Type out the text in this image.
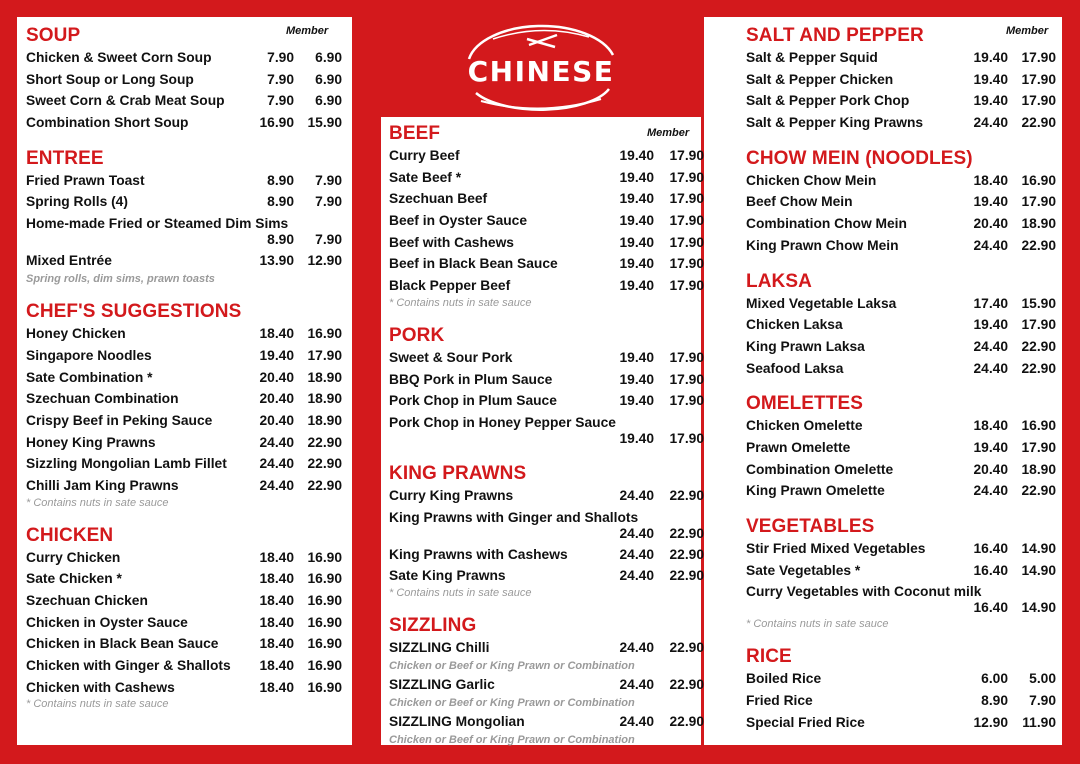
SOUP	Member
Chicken & Sweet Corn Soup	7.90	6.90
Short Soup or Long Soup	7.90	6.90
Sweet Corn & Crab Meat Soup	7.90	6.90
Combination Short Soup	16.90 15.90
ENTREE
Fried Prawn Toast	8.90	7.90
Spring Rolls (4)	8.90	7.90
Home-made Fried or Steamed Dim Sims
8.90	7.90
Mixed Entrée	13.90 12.90
Spring rolls, dim sims, prawn toasts
CHEF'S SUGGESTIONS
Honey Chicken	18.40 16.90
Singapore Noodles	19.40 17.90
Sate Combination *	20.40 18.90
Szechuan Combination	20.40 18.90
Crispy Beef in Peking Sauce	20.40 18.90
Honey King Prawns	24.40 22.90
Sizzling Mongolian Lamb Fillet	24.40 22.90
Chilli Jam King Prawns	24.40 22.90
* Contains nuts in sate sauce
CHICKEN
Curry Chicken	18.40 16.90
Sate Chicken *	18.40 16.90
Szechuan Chicken	18.40 16.90
Chicken in Oyster Sauce	18.40 16.90
Chicken in Black Bean Sauce	18.40 16.90
Chicken with Ginger & Shallots	18.40 16.90
Chicken with Cashews	18.40 16.90
* Contains nuts in sate sauce
CHINESE
BEEF	Member
Curry Beef	19.40	17.90
Sate Beef *	19.40	17.90
Szechuan Beef	19.40	17.90
Beef in Oyster Sauce	19.40	17.90
Beef with Cashews	19.40	17.90
Beef in Black Bean Sauce	19.40	17.90
Black Pepper Beef	19.40	17.90
* Contains nuts in sate sauce
PORK
Sweet & Sour Pork	19.40	17.90
BBQ Pork in Plum Sauce	19.40	17.90
Pork Chop in Plum Sauce	19.40	17.90
Pork Chop in Honey Pepper Sauce
19.40	17.90
KING PRAWNS
Curry King Prawns	24.40	22.90
King Prawns with Ginger and Shallots
24.40	22.90
King Prawns with Cashews	24.40	22.90
Sate King Prawns	24.40	22.90
* Contains nuts in sate sauce
SIZZLING
SIZZLING Chilli	24.40	22.90
Chicken or Beef or King Prawn or Combination
SIZZLING Garlic	24.40	22.90
Chicken or Beef or King Prawn or Combination
SIZZLING Mongolian	24.40	22.90
Chicken or Beef or King Prawn or Combination
SALT AND PEPPER	Member
Salt & Pepper Squid	19.40 17.90
Salt & Pepper Chicken	19.40 17.90
Salt & Pepper Pork Chop	19.40 17.90
Salt & Pepper King Prawns	24.40 22.90
CHOW MEIN (NOODLES)
Chicken Chow Mein	18.40 16.90
Beef Chow Mein	19.40 17.90
Combination Chow Mein	20.40 18.90
King Prawn Chow Mein	24.40 22.90
LAKSA
Mixed Vegetable Laksa	17.40 15.90
Chicken Laksa	19.40 17.90
King Prawn Laksa	24.40 22.90
Seafood Laksa	24.40 22.90
OMELETTES
Chicken Omelette	18.40 16.90
Prawn Omelette	19.40 17.90
Combination Omelette	20.40 18.90
King Prawn Omelette	24.40 22.90
VEGETABLES
Stir Fried Mixed Vegetables	16.40 14.90
Sate Vegetables *	16.40 14.90
Curry Vegetables with Coconut milk
16.40 14.90
* Contains nuts in sate sauce
RICE
Boiled Rice	6.00	5.00
Fried Rice	8.90	7.90
Special Fried Rice	12.90	11.90
